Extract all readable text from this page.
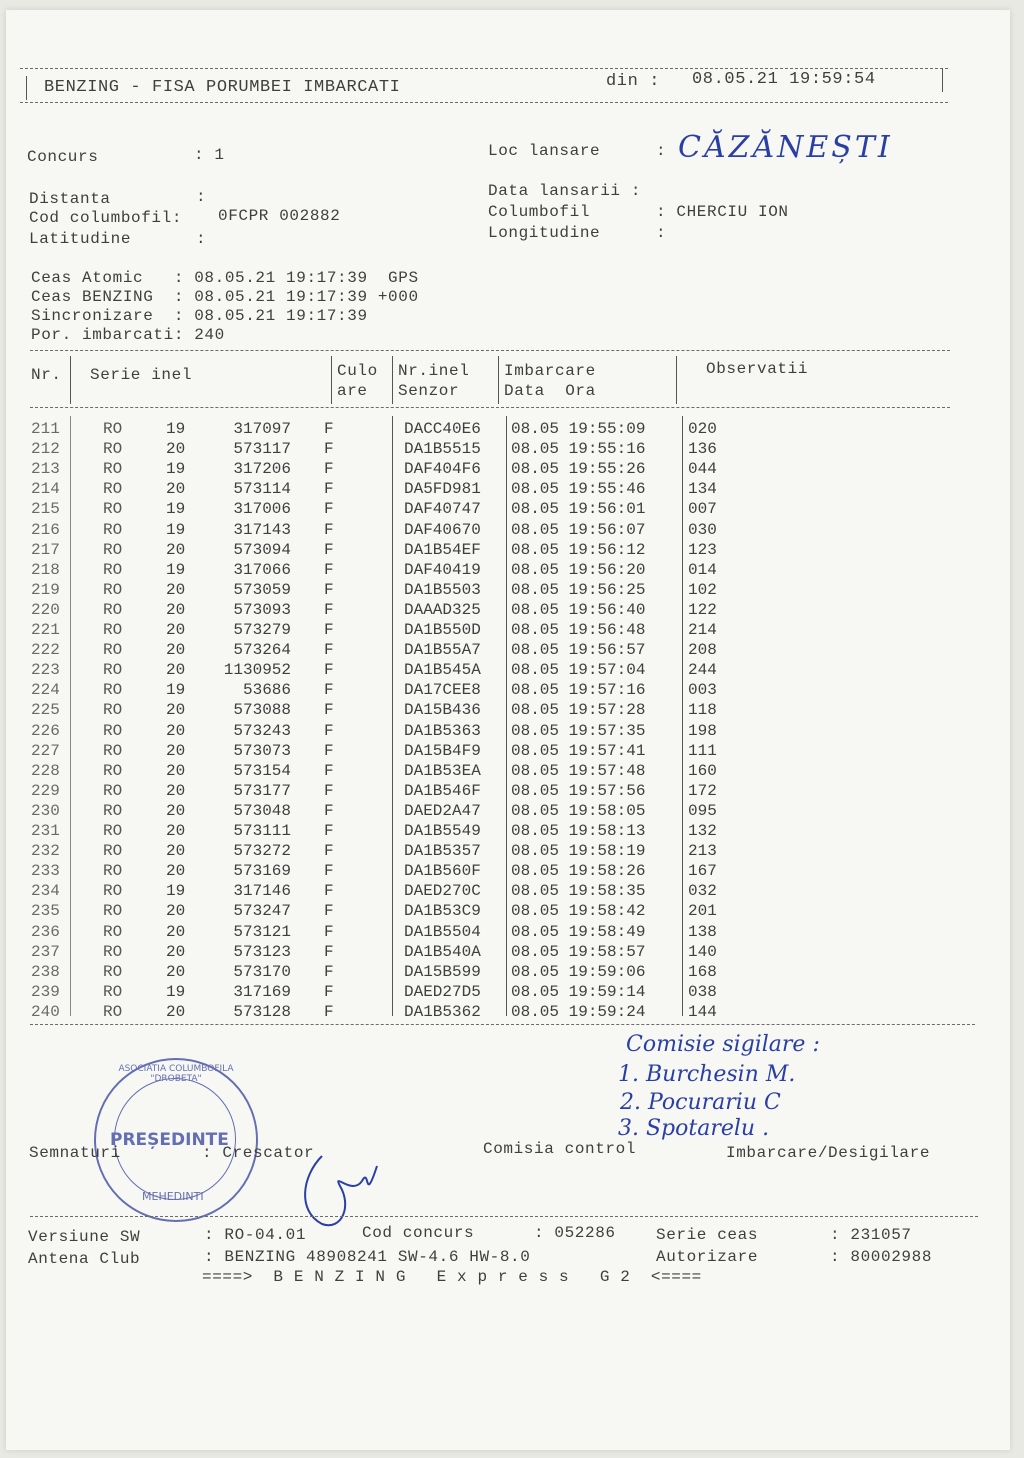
BENZING - FISA PORUMBEI IMBARCATI	din : 08.05.21 19:59:54
Concurs	: 1	Loc lansare	: CĂZĂNEȘTI
Distanta	:
Cod columbofil: 0FCPR 002882
Latitudine	:
Data lansarii :
Columbofil	: CHERCIU ION
Longitudine	:
Ceas Atomic   : 08.05.21 19:17:39  GPS
Ceas BENZING  : 08.05.21 19:17:39 +000
Sincronizare  : 08.05.21 19:17:39
Por. imbarcati: 240
Nr. Serie inel	Culo
are
Nr.inel
Senzor
Imbarcare
Data  Ora
Observatii
211	RO	19	317097 F	DACC40E6 08.05 19:55:09	020
212	RO	20	573117 F	DA1B5515 08.05 19:55:16	136
213	RO	19	317206 F	DAF404F6 08.05 19:55:26	044
214	RO	20	573114 F	DA5FD981 08.05 19:55:46	134
215	RO	19	317006 F	DAF40747 08.05 19:56:01	007
216	RO	19	317143 F	DAF40670 08.05 19:56:07	030
217	RO	20	573094 F	DA1B54EF 08.05 19:56:12	123
218	RO	19	317066 F	DAF40419 08.05 19:56:20	014
219	RO	20	573059 F	DA1B5503 08.05 19:56:25	102
220	RO	20	573093 F	DAAAD325 08.05 19:56:40	122
221	RO	20	573279 F	DA1B550D 08.05 19:56:48	214
222	RO	20	573264 F	DA1B55A7 08.05 19:56:57	208
223	RO	20	1130952 F	DA1B545A 08.05 19:57:04	244
224	RO	19	53686 F	DA17CEE8 08.05 19:57:16	003
225	RO	20	573088 F	DA15B436 08.05 19:57:28	118
226	RO	20	573243 F	DA1B5363 08.05 19:57:35	198
227	RO	20	573073 F	DA15B4F9 08.05 19:57:41	111
228	RO	20	573154 F	DA1B53EA 08.05 19:57:48	160
229	RO	20	573177 F	DA1B546F 08.05 19:57:56	172
230	RO	20	573048 F	DAED2A47 08.05 19:58:05	095
231	RO	20	573111 F	DA1B5549 08.05 19:58:13	132
232	RO	20	573272 F	DA1B5357 08.05 19:58:19	213
233	RO	20	573169 F	DA1B560F 08.05 19:58:26	167
234	RO	19	317146 F	DAED270C 08.05 19:58:35	032
235	RO	20	573247 F	DA1B53C9 08.05 19:58:42	201
236	RO	20	573121 F	DA1B5504 08.05 19:58:49	138
237	RO	20	573123 F	DA1B540A 08.05 19:58:57	140
238	RO	20	573170 F	DA15B599 08.05 19:59:06	168
239	RO	19	317169 F	DAED27D5 08.05 19:59:14	038
240	RO	20	573128 F	DA1B5362 08.05 19:59:24	144
Comisie sigilare :
1. Burchesin M.
2. Pocurariu C
3. Spotarelu .
ASOCIATIA COLUMBOFILA "DROBETA"
PREȘEDINTE
MEHEDINTI
Semnaturi	: Crescator	Comisia control	Imbarcare/Desigilare
Versiune SW	: RO-04.01	Cod concurs	: 052286	Serie ceas	: 231057
Antena Club	: BENZING 48908241 SW-4.6 HW-8.0	Autorizare	: 80002988
====>  B E N Z I N G   E x p r e s s   G 2  <====
